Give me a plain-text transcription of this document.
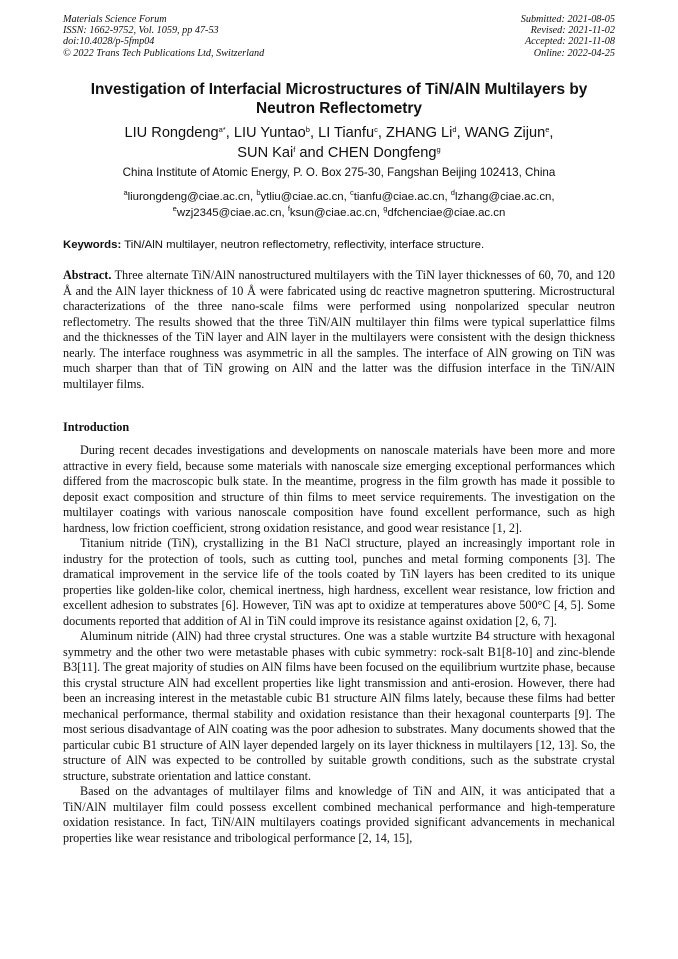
Materials Science Forum
ISSN: 1662-9752, Vol. 1059, pp 47-53
doi:10.4028/p-5fmp04
© 2022 Trans Tech Publications Ltd, Switzerland
Submitted: 2021-08-05
Revised: 2021-11-02
Accepted: 2021-11-08
Online: 2022-04-25
Investigation of Interfacial Microstructures of TiN/AlN Multilayers by Neutron Reflectometry
LIU Rongdeng$^{a*}$, LIU Yuntao$^b$, LI Tianfu$^c$, ZHANG Li$^d$, WANG Zijun$^e$,
SUN Kai$^f$ and CHEN Dongfeng$^g$
China Institute of Atomic Energy, P. O. Box 275-30, Fangshan Beijing 102413, China
$^a$liurongdeng@ciae.ac.cn, $^b$ytliu@ciae.ac.cn, $^c$tianfu@ciae.ac.cn, $^d$lzhang@ciae.ac.cn,
$^e$wzj2345@ciae.ac.cn, $^f$ksun@ciae.ac.cn, $^g$dfchenciae@ciae.ac.cn
Keywords: TiN/AlN multilayer, neutron reflectometry, reflectivity, interface structure.
Abstract. Three alternate TiN/AlN nanostructured multilayers with the TiN layer thicknesses of 60, 70, and 120 Å and the AlN layer thickness of 10 Å were fabricated using dc reactive magnetron sputtering. Microstructural characterizations of the three nano-scale films were performed using nonpolarized specular neutron reflectometry. The results showed that the three TiN/AlN multilayer thin films were typical superlattice films and the thicknesses of the TiN layer and AlN layer in the multilayers were consistent with the design thickness nearly. The interface roughness was asymmetric in all the samples. The interface of AlN growing on TiN was much sharper than that of TiN growing on AlN and the latter was the diffusion interface in the TiN/AlN multilayer films.
Introduction

During recent decades investigations and developments on nanoscale materials have been more and more attractive in every field, because some materials with nanoscale size emerging exceptional performances which differed from the macroscopic bulk state. In the meantime, progress in the film growth has made it possible to deposit exact composition and structure of thin films to meet service requirements. The investigation on the multilayer coatings with various nanoscale composition have found excellent performance, such as high hardness, low friction coefficient, strong oxidation resistance, and good wear resistance [1, 2].

Titanium nitride (TiN), crystallizing in the B1 NaCl structure, played an increasingly important role in industry for the protection of tools, such as cutting tool, punches and metal forming components [3]. The dramatical improvement in the service life of the tools coated by TiN layers has been credited to its unique properties like golden-like color, chemical inertness, high hardness, excellent wear resistance, low friction and excellent adhesion to substrates [6]. However, TiN was apt to oxidize at temperatures above 500°C [4, 5]. Some documents reported that addition of Al in TiN could improve its resistance against oxidation [2, 6, 7].

Aluminum nitride (AlN) had three crystal structures. One was a stable wurtzite B4 structure with hexagonal symmetry and the other two were metastable phases with cubic symmetry: rock-salt B1[8-10] and zinc-blende B3[11]. The great majority of studies on AlN films have been focused on the equilibrium wurtzite phase, because this crystal structure AlN had excellent properties like light transmission and anti-erosion. However, there had been an increasing interest in the metastable cubic B1 structure AlN films lately, because these films had better mechanical performance, thermal stability and oxidation resistance than their hexagonal counterparts [9]. The most serious disadvantage of AlN coating was the poor adhesion to substrates. Many documents showed that the particular cubic B1 structure of AlN layer depended largely on its layer thickness in multilayers [12, 13]. So, the structure of AlN was expected to be controlled by suitable growth conditions, such as the substrate crystal structure, substrate orientation and lattice constant.

Based on the advantages of multilayer films and knowledge of TiN and AlN, it was anticipated that a TiN/AlN multilayer film could possess excellent combined mechanical performance and high-temperature oxidation resistance. In fact, TiN/AlN multilayers coatings provided significant advancements in mechanical properties like wear resistance and tribological performance [2, 14, 15],
